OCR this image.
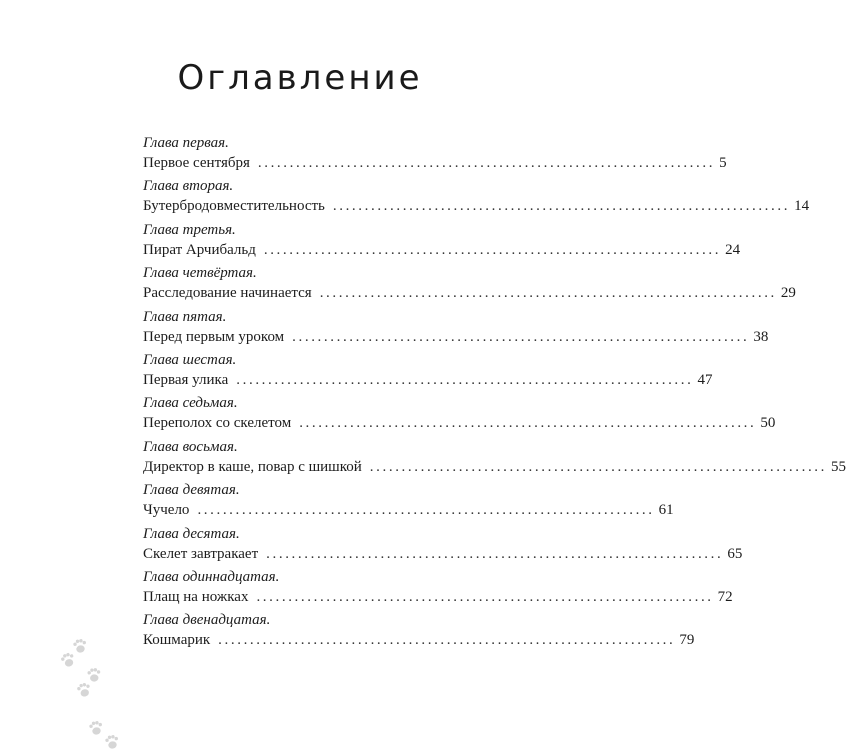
Оглавление
Глава первая.
Первое сентября ........................................................................ 5
Глава вторая.
Бутербродовместительность ........................................................................ 14
Глава третья.
Пират Арчибальд ........................................................................ 24
Глава четвёртая.
Расследование начинается ........................................................................ 29
Глава пятая.
Перед первым уроком ........................................................................ 38
Глава шестая.
Первая улика ........................................................................ 47
Глава седьмая.
Переполох со скелетом ........................................................................ 50
Глава восьмая.
Директор в каше, повар с шишкой ........................................................................ 55
Глава девятая.
Чучело ........................................................................ 61
Глава десятая.
Скелет завтракает ........................................................................ 65
Глава одиннадцатая.
Плащ на ножках ........................................................................ 72
Глава двенадцатая.
Кошмарик ........................................................................ 79
